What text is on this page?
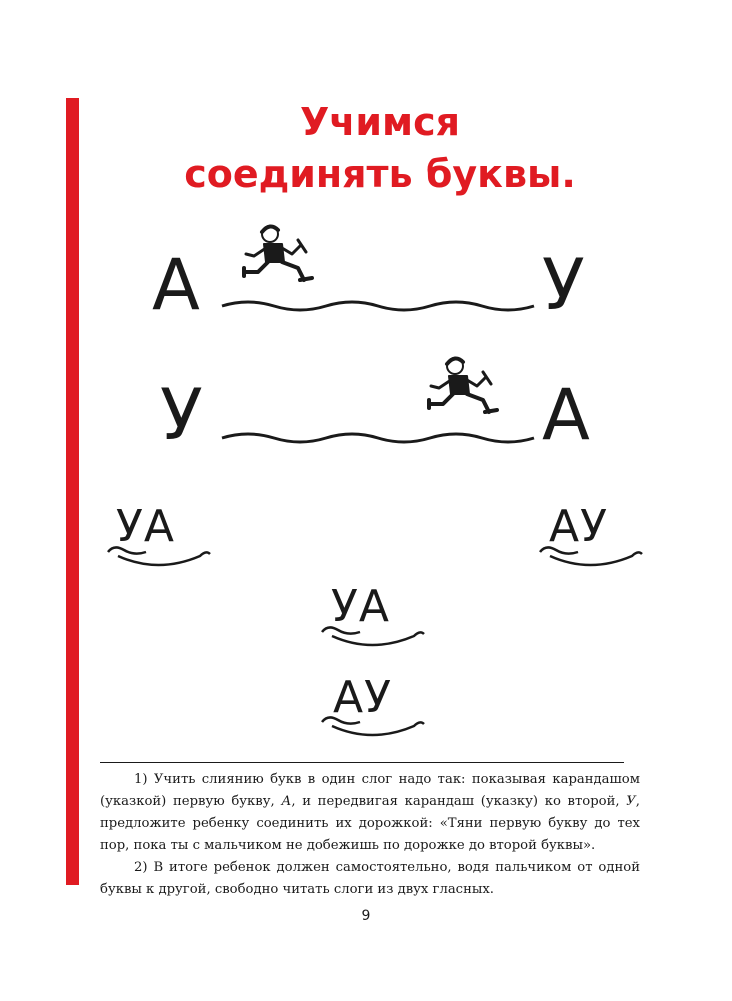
Учимся
соединять буквы.
А	У
У	А
УА	АУ
УА
АУ

1) Учить слиянию букв в один слог надо так: показывая карандашом (указкой) первую букву, А, и передвигая карандаш (указку) ко второй, У, предложите ребенку соединить их дорожкой: «Тяни первую букву до тех пор, пока ты с мальчиком не добежишь по дорожке до второй буквы».

2) В итоге ребенок должен самостоятельно, водя пальчиком от одной буквы к другой, свободно читать слоги из двух гласных.

9
